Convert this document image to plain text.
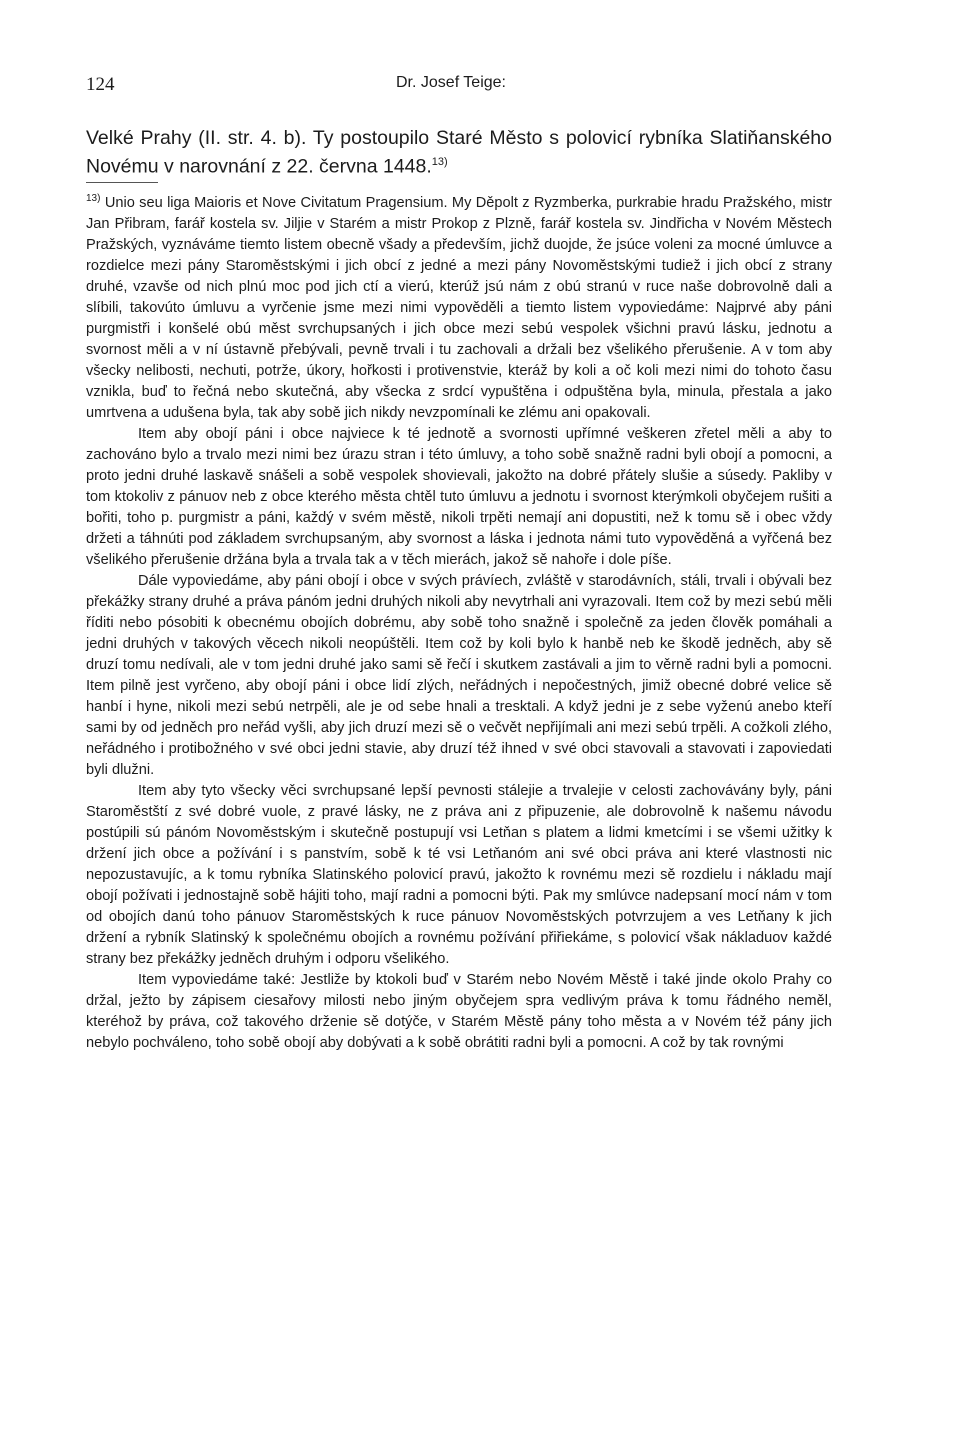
124	Dr. Josef Teige:
Velké Prahy (II. str. 4. b). Ty postoupilo Staré Město s polovicí rybníka Slatiňanského Novému v narovnání z 22. června 1448.$^{13)}$

$^{13)}$ Unio seu liga Maioris et Nove Civitatum Pragensium. My Děpolt z Ryzmberka, purkrabie hradu Pražského, mistr Jan Přibram, farář kostela sv. Jiljie v Starém a mistr Prokop z Plzně, farář kostela sv. Jindřicha v Novém Městech Pražských, vyznáváme tiemto listem obecně všady a především, jichž duojde, že jsúce voleni za mocné úmluvce a rozdielce mezi pány Staroměstskými i jich obcí z jedné a mezi pány Novoměstskými tudiež i jich obcí z strany druhé, vzavše od nich plnú moc pod jich ctí a vierú, kterúž jsú nám z obú stranú v ruce naše dobrovolně dali a slíbili, takovúto úmluvu a vyrčenie jsme mezi nimi vypověděli a tiemto listem vypoviedáme: Najprvé aby páni purgmistři i konšelé obú měst svrchupsaných i jich obce mezi sebú vespolek všichni pravú lásku, jednotu a svornost měli a v ní ústavně přebývali, pevně trvali i tu zachovali a držali bez všelikého přerušenie. A v tom aby všecky nelibosti, nechuti, potrže, úkory, hořkosti i protivenstvie, kteráž by koli a oč koli mezi nimi do tohoto času vznikla, buď to řečná nebo skutečná, aby všecka z srdcí vypuštěna i odpuštěna byla, minula, přestala a jako umrtvena a udušena byla, tak aby sobě jich nikdy nevzpomínali ke zlému ani opakovali.

Item aby obojí páni i obce najviece k té jednotě a svornosti upřímné veškeren zřetel měli a aby to zachováno bylo a trvalo mezi nimi bez úrazu stran i této úmluvy, a toho sobě snažně radni byli obojí a pomocni, a proto jedni druhé laskavě snášeli a sobě vespolek shovievali, jakožto na dobré přátely slušie a súsedy. Pakliby v tom ktokoliv z pánuov neb z obce kterého města chtěl tuto úmluvu a jednotu i svornost kterýmkoli obyčejem rušiti a bořiti, toho p. purgmistr a páni, každý v svém městě, nikoli trpěti nemají ani dopustiti, než k tomu sě i obec vždy držeti a táhnúti pod základem svrchupsaným, aby svornost a láska i jednota námi tuto vypověděná a vyřčená bez všelikého přerušenie držána byla a trvala tak a v těch mierách, jakož sě nahoře i dole píše.

Dále vypoviedáme, aby páni obojí i obce v svých právíech, zvláště v starodávních, stáli, trvali i obývali bez překážky strany druhé a práva pánóm jedni druhých nikoli aby nevytrhali ani vyrazovali. Item což by mezi sebú měli říditi nebo pósobiti k obecnému obojích dobrému, aby sobě toho snažně i společně za jeden člověk pomáhali a jedni druhých v takových věcech nikoli neopúštěli. Item což by koli bylo k hanbě neb ke škodě jedněch, aby sě druzí tomu nedívali, ale v tom jedni druhé jako sami sě řečí i skutkem zastávali a jim to věrně radni byli a pomocni. Item pilně jest vyrčeno, aby obojí páni i obce lidí zlých, neřádných i nepočestných, jimiž obecné dobré velice sě hanbí i hyne, nikoli mezi sebú netrpěli, ale je od sebe hnali a tresktali. A když jedni je z sebe vyženú anebo kteří sami by od jedněch pro neřád vyšli, aby jich druzí mezi sě o večvět nepřijímali ani mezi sebú trpěli. A cožkoli zlého, neřádného i protibožného v své obci jedni stavie, aby druzí též ihned v své obci stavovali a stavovati i zapoviedati byli dlužni.

Item aby tyto všecky věci svrchupsané lepší pevnosti stálejie a trvalejie v celosti zachovávány byly, páni Staroměstští z své dobré vuole, z pravé lásky, ne z práva ani z připuzenie, ale dobrovolně k našemu návodu postúpili sú pánóm Novoměstským i skutečně postupují vsi Letňan s platem a lidmi kmetcími i se všemi užitky k držení jich obce a požívání i s panstvím, sobě k té vsi Letňanóm ani své obci práva ani které vlastnosti nic nepozustavujíc, a k tomu rybníka Slatinského polovicí pravú, jakožto k rovnému mezi sě rozdielu i nákladu mají obojí požívati i jednostajně sobě hájiti toho, mají radni a pomocni býti. Pak my smlúvce nadepsaní mocí nám v tom od obojích danú toho pánuov Staroměstských k ruce pánuov Novoměstských potvrzujem a ves Letňany k jich držení a rybník Slatinský k společnému obojích a rovnému požívání přiřiekáme, s polovicí však nákladuov každé strany bez překážky jedněch druhým i odporu všelikého.

Item vypoviedáme také: Jestliže by ktokoli buď v Starém nebo Novém Městě i také jinde okolo Prahy co držal, ježto by zápisem ciesařovy milosti nebo jiným obyčejem spra vedlivým práva k tomu řádného neměl, kteréhož by práva, což takového drženie sě dotýče, v Starém Městě pány toho města a v Novém též pány jich nebylo pochváleno, toho sobě obojí aby dobývati a k sobě obrátiti radni byli a pomocni. A což by tak rovnými
